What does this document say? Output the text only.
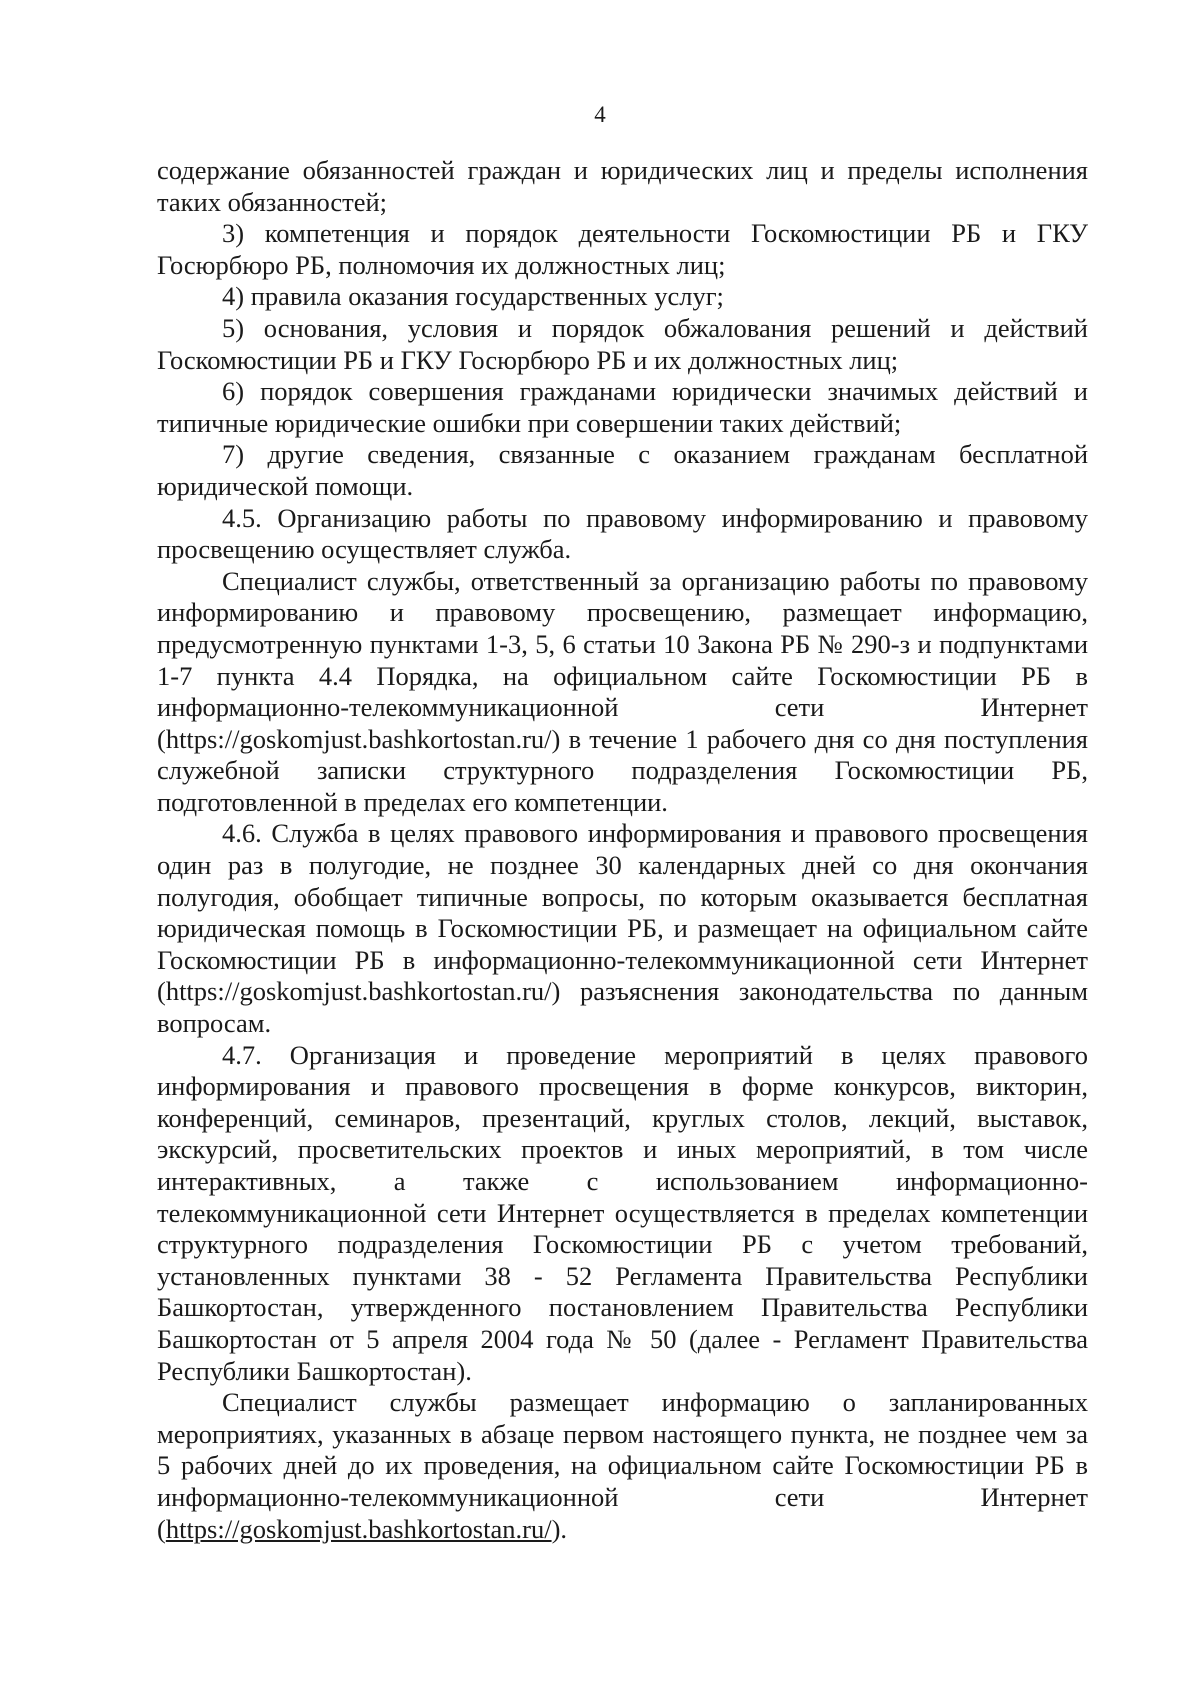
4

содержание обязанностей граждан и юридических лиц и пределы исполнения таких обязанностей;

3) компетенция и порядок деятельности Госкомюстиции РБ и ГКУ Госюрбюро РБ, полномочия их должностных лиц;

4) правила оказания государственных услуг;

5) основания, условия и порядок обжалования решений и действий Госкомюстиции РБ и ГКУ Госюрбюро РБ и их должностных лиц;

6) порядок совершения гражданами юридически значимых действий и типичные юридические ошибки при совершении таких действий;

7) другие сведения, связанные с оказанием гражданам бесплатной юридической помощи.

4.5. Организацию работы по правовому информированию и правовому просвещению осуществляет служба.

Специалист службы, ответственный за организацию работы по правовому информированию и правовому просвещению, размещает информацию, предусмотренную пунктами 1-3, 5, 6 статьи 10 Закона РБ № 290-з и подпунктами 1-7 пункта 4.4 Порядка, на официальном сайте Госкомюстиции РБ в информационно-телекоммуникационной сети Интернет (https://goskomjust.bashkortostan.ru/) в течение 1 рабочего дня со дня поступления служебной записки структурного подразделения Госкомюстиции РБ, подготовленной в пределах его компетенции.

4.6. Служба в целях правового информирования и правового просвещения один раз в полугодие, не позднее 30 календарных дней со дня окончания полугодия, обобщает типичные вопросы, по которым оказывается бесплатная юридическая помощь в Госкомюстиции РБ, и размещает на официальном сайте Госкомюстиции РБ в информационно-телекоммуникационной сети Интернет (https://goskomjust.bashkortostan.ru/) разъяснения законодательства по данным вопросам.

4.7. Организация и проведение мероприятий в целях правового информирования и правового просвещения в форме конкурсов, викторин, конференций, семинаров, презентаций, круглых столов, лекций, выставок, экскурсий, просветительских проектов и иных мероприятий, в том числе интерактивных, а также с использованием информационно-телекоммуникационной сети Интернет осуществляется в пределах компетенции структурного подразделения Госкомюстиции РБ с учетом требований, установленных пунктами 38 - 52 Регламента Правительства Республики Башкортостан, утвержденного постановлением Правительства Республики Башкортостан от 5 апреля 2004 года № 50 (далее - Регламент Правительства Республики Башкортостан).

Специалист службы размещает информацию о запланированных мероприятиях, указанных в абзаце первом настоящего пункта, не позднее чем за 5 рабочих дней до их проведения, на официальном сайте Госкомюстиции РБ в информационно-телекоммуникационной сети Интернет (https://goskomjust.bashkortostan.ru/).
